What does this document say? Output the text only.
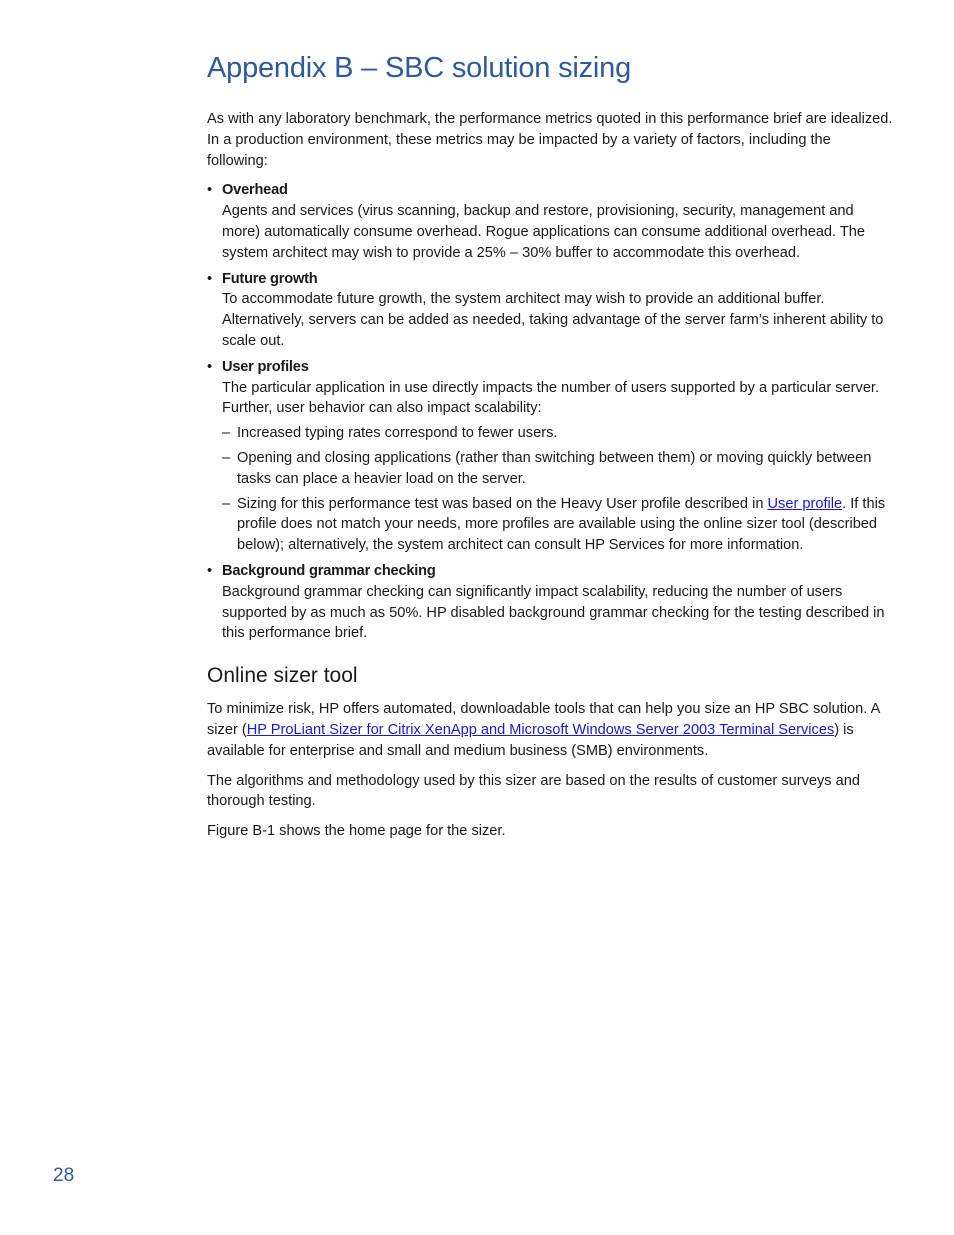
Appendix B – SBC solution sizing

As with any laboratory benchmark, the performance metrics quoted in this performance brief are idealized. In a production environment, these metrics may be impacted by a variety of factors, including the following:

• Overhead
Agents and services (virus scanning, backup and restore, provisioning, security, management and more) automatically consume overhead. Rogue applications can consume additional overhead. The system architect may wish to provide a 25% – 30% buffer to accommodate this overhead.
• Future growth
To accommodate future growth, the system architect may wish to provide an additional buffer. Alternatively, servers can be added as needed, taking advantage of the server farm’s inherent ability to scale out.
• User profiles
The particular application in use directly impacts the number of users supported by a particular server. Further, user behavior can also impact scalability:
– Increased typing rates correspond to fewer users.
– Opening and closing applications (rather than switching between them) or moving quickly between tasks can place a heavier load on the server.
– Sizing for this performance test was based on the Heavy User profile described in User profile. If this profile does not match your needs, more profiles are available using the online sizer tool (described below); alternatively, the system architect can consult HP Services for more information.
• Background grammar checking
Background grammar checking can significantly impact scalability, reducing the number of users supported by as much as 50%. HP disabled background grammar checking for the testing described in this performance brief.
Online sizer tool

To minimize risk, HP offers automated, downloadable tools that can help you size an HP SBC solution. A sizer (HP ProLiant Sizer for Citrix XenApp and Microsoft Windows Server 2003 Terminal Services) is available for enterprise and small and medium business (SMB) environments.

The algorithms and methodology used by this sizer are based on the results of customer surveys and thorough testing.

Figure B-1 shows the home page for the sizer.

28
